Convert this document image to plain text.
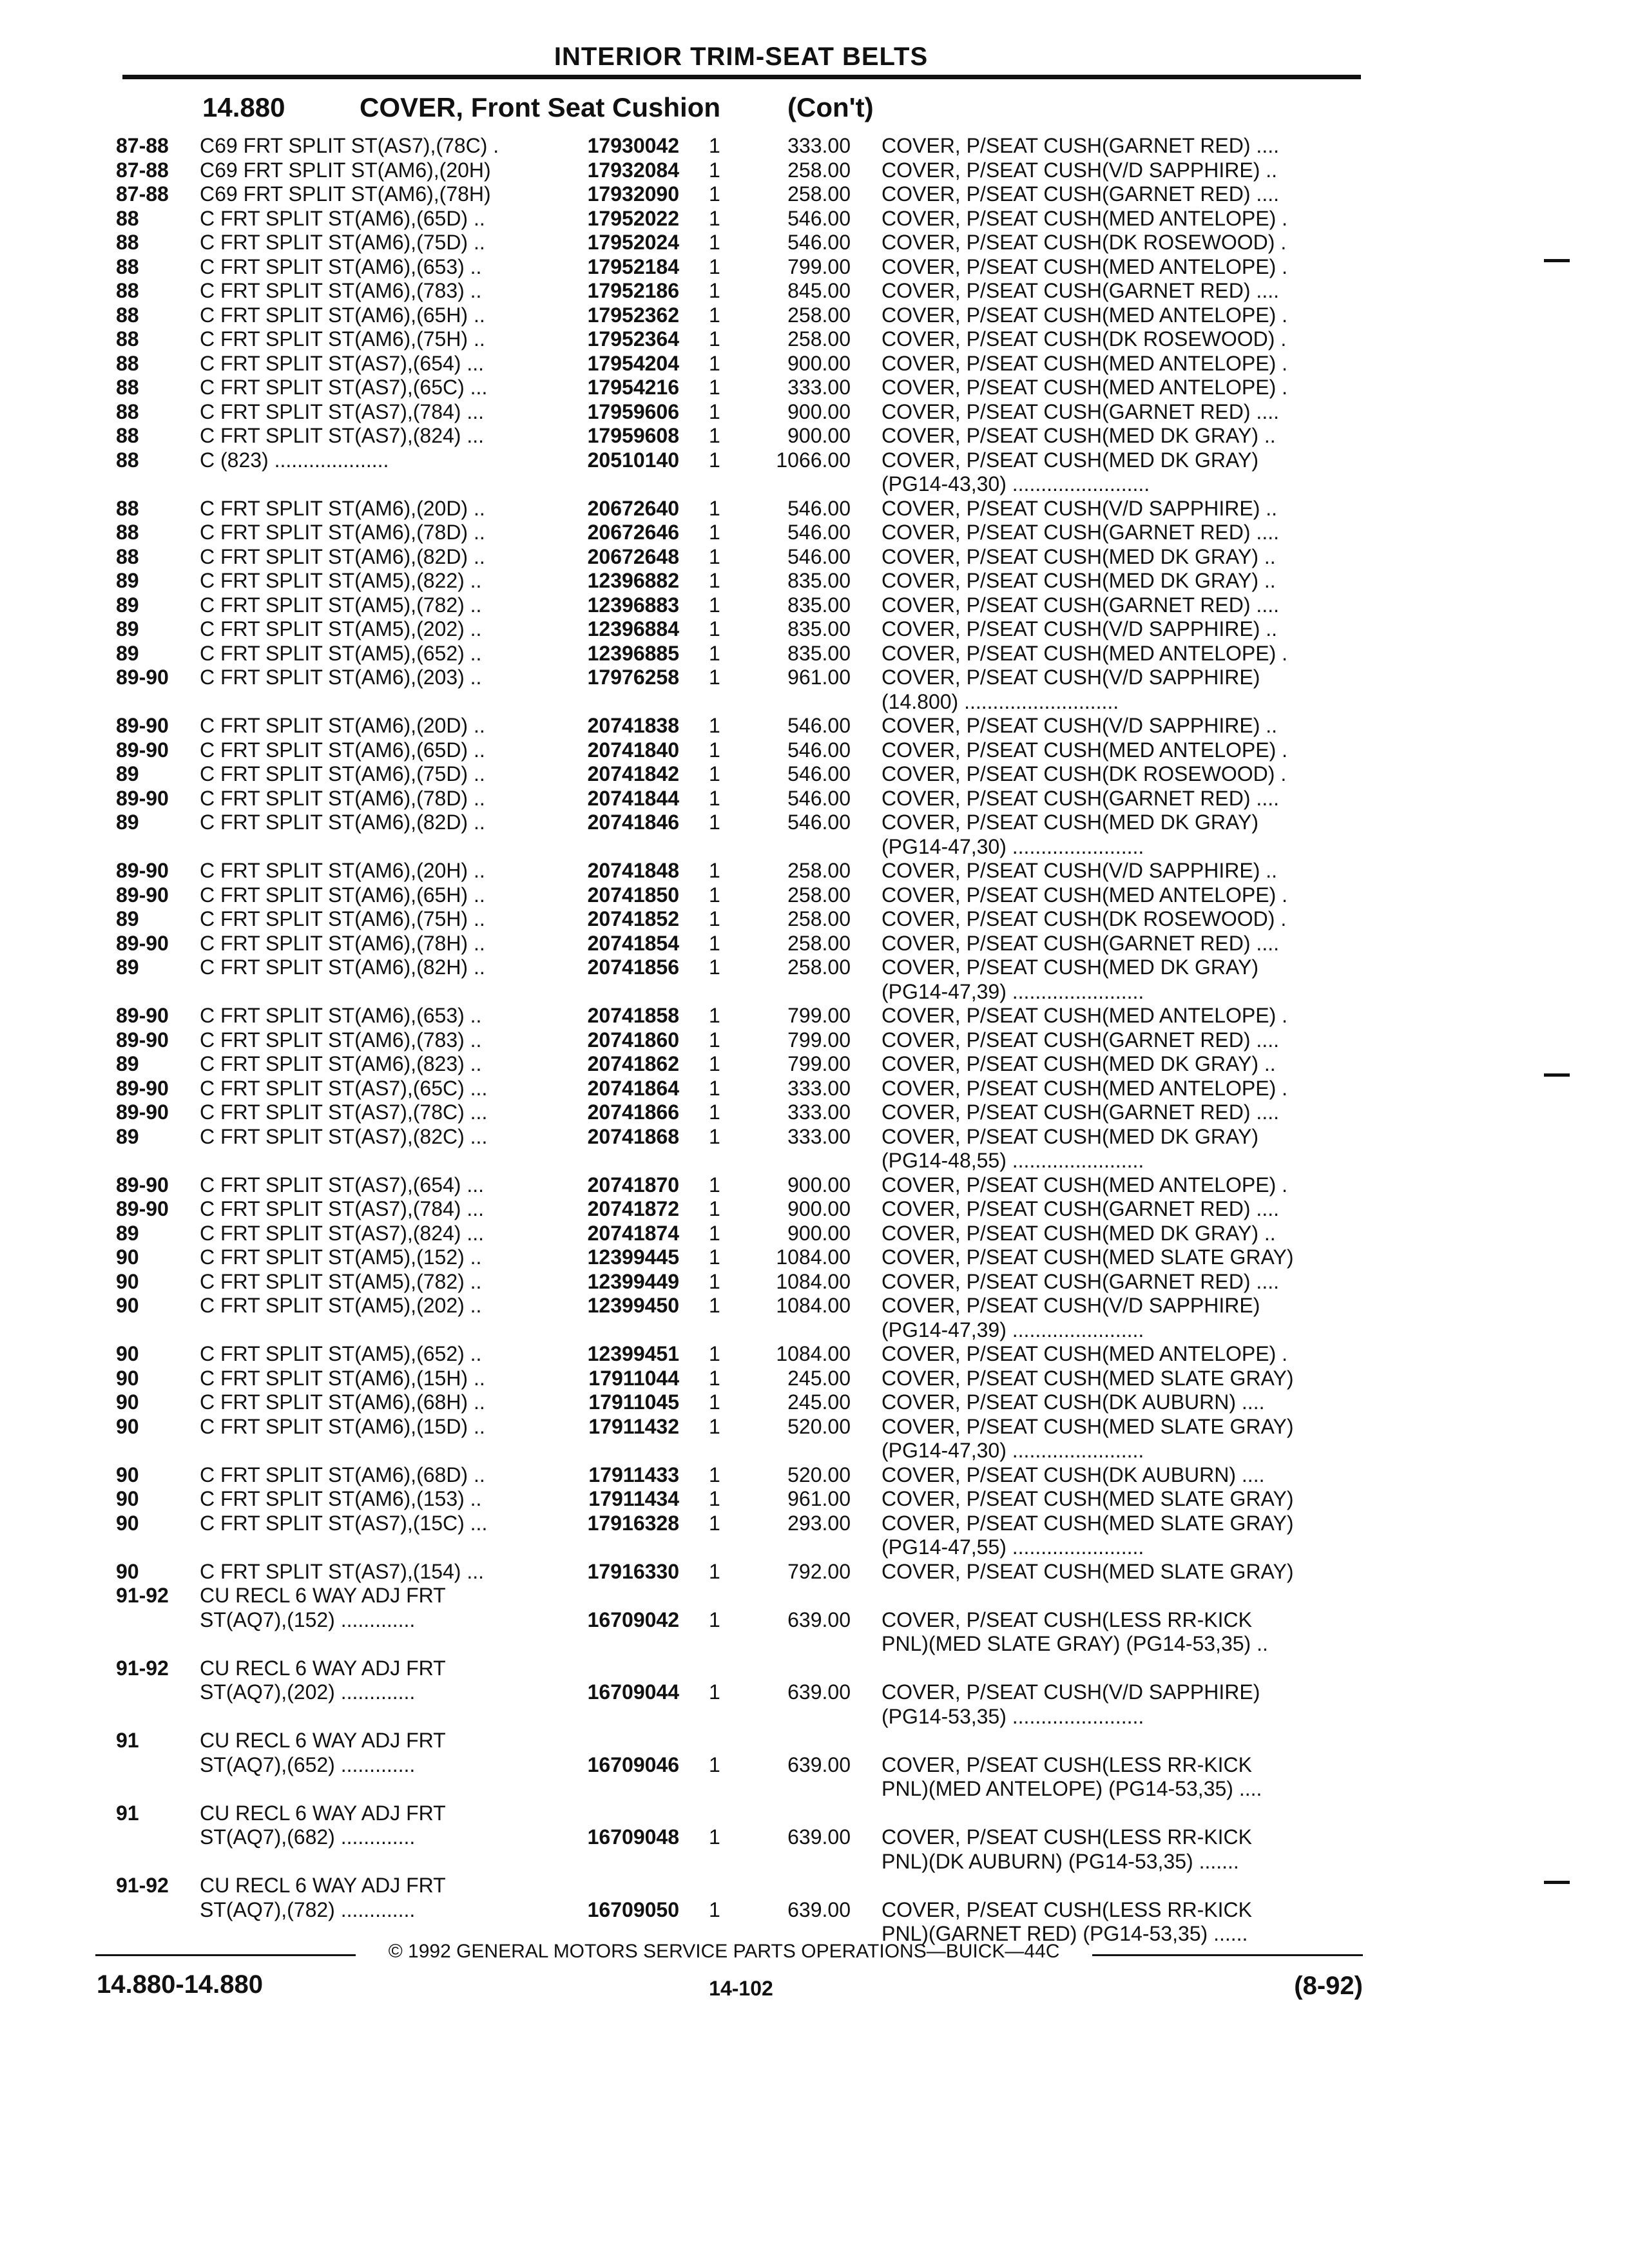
INTERIOR TRIM-SEAT BELTS
14.880	COVER, Front Seat Cushion (Con't)
87-88 C69 FRT SPLIT ST(AS7),(78C) .	17930042 1	333.00 COVER, P/SEAT CUSH(GARNET RED) ....
87-88 C69 FRT SPLIT ST(AM6),(20H)	17932084 1	258.00 COVER, P/SEAT CUSH(V/D SAPPHIRE) ..
87-88 C69 FRT SPLIT ST(AM6),(78H)	17932090 1	258.00 COVER, P/SEAT CUSH(GARNET RED) ....
88	C FRT SPLIT ST(AM6),(65D) ..	17952022 1	546.00 COVER, P/SEAT CUSH(MED ANTELOPE) .
88	C FRT SPLIT ST(AM6),(75D) ..	17952024 1	546.00 COVER, P/SEAT CUSH(DK ROSEWOOD) .
88	C FRT SPLIT ST(AM6),(653) ..	17952184 1	799.00 COVER, P/SEAT CUSH(MED ANTELOPE) .
88	C FRT SPLIT ST(AM6),(783) ..	17952186 1	845.00 COVER, P/SEAT CUSH(GARNET RED) ....
88	C FRT SPLIT ST(AM6),(65H) ..	17952362 1	258.00 COVER, P/SEAT CUSH(MED ANTELOPE) .
88	C FRT SPLIT ST(AM6),(75H) ..	17952364 1	258.00 COVER, P/SEAT CUSH(DK ROSEWOOD) .
88	C FRT SPLIT ST(AS7),(654) ...	17954204 1	900.00 COVER, P/SEAT CUSH(MED ANTELOPE) .
88	C FRT SPLIT ST(AS7),(65C) ...	17954216 1	333.00 COVER, P/SEAT CUSH(MED ANTELOPE) .
88	C FRT SPLIT ST(AS7),(784) ...	17959606 1	900.00 COVER, P/SEAT CUSH(GARNET RED) ....
88	C FRT SPLIT ST(AS7),(824) ...	17959608 1	900.00 COVER, P/SEAT CUSH(MED DK GRAY) ..
88	C (823) ....................	20510140 1	1066.00 COVER, P/SEAT CUSH(MED DK GRAY)
(PG14-43,30) ........................
88	C FRT SPLIT ST(AM6),(20D) ..	20672640 1	546.00 COVER, P/SEAT CUSH(V/D SAPPHIRE) ..
88	C FRT SPLIT ST(AM6),(78D) ..	20672646 1	546.00 COVER, P/SEAT CUSH(GARNET RED) ....
88	C FRT SPLIT ST(AM6),(82D) ..	20672648 1	546.00 COVER, P/SEAT CUSH(MED DK GRAY) ..
89	C FRT SPLIT ST(AM5),(822) ..	12396882 1	835.00 COVER, P/SEAT CUSH(MED DK GRAY) ..
89	C FRT SPLIT ST(AM5),(782) ..	12396883 1	835.00 COVER, P/SEAT CUSH(GARNET RED) ....
89	C FRT SPLIT ST(AM5),(202) ..	12396884 1	835.00 COVER, P/SEAT CUSH(V/D SAPPHIRE) ..
89	C FRT SPLIT ST(AM5),(652) ..	12396885 1	835.00 COVER, P/SEAT CUSH(MED ANTELOPE) .
89-90 C FRT SPLIT ST(AM6),(203) ..	17976258 1	961.00 COVER, P/SEAT CUSH(V/D SAPPHIRE)
(14.800) ...........................
89-90 C FRT SPLIT ST(AM6),(20D) ..	20741838 1	546.00 COVER, P/SEAT CUSH(V/D SAPPHIRE) ..
89-90 C FRT SPLIT ST(AM6),(65D) ..	20741840 1	546.00 COVER, P/SEAT CUSH(MED ANTELOPE) .
89	C FRT SPLIT ST(AM6),(75D) ..	20741842 1	546.00 COVER, P/SEAT CUSH(DK ROSEWOOD) .
89-90 C FRT SPLIT ST(AM6),(78D) ..	20741844 1	546.00 COVER, P/SEAT CUSH(GARNET RED) ....
89	C FRT SPLIT ST(AM6),(82D) ..	20741846 1	546.00 COVER, P/SEAT CUSH(MED DK GRAY)
(PG14-47,30) .......................
89-90 C FRT SPLIT ST(AM6),(20H) ..	20741848 1	258.00 COVER, P/SEAT CUSH(V/D SAPPHIRE) ..
89-90 C FRT SPLIT ST(AM6),(65H) ..	20741850 1	258.00 COVER, P/SEAT CUSH(MED ANTELOPE) .
89	C FRT SPLIT ST(AM6),(75H) ..	20741852 1	258.00 COVER, P/SEAT CUSH(DK ROSEWOOD) .
89-90 C FRT SPLIT ST(AM6),(78H) ..	20741854 1	258.00 COVER, P/SEAT CUSH(GARNET RED) ....
89	C FRT SPLIT ST(AM6),(82H) ..	20741856 1	258.00 COVER, P/SEAT CUSH(MED DK GRAY)
(PG14-47,39) .......................
89-90 C FRT SPLIT ST(AM6),(653) ..	20741858 1	799.00 COVER, P/SEAT CUSH(MED ANTELOPE) .
89-90 C FRT SPLIT ST(AM6),(783) ..	20741860 1	799.00 COVER, P/SEAT CUSH(GARNET RED) ....
89	C FRT SPLIT ST(AM6),(823) ..	20741862 1	799.00 COVER, P/SEAT CUSH(MED DK GRAY) ..
89-90 C FRT SPLIT ST(AS7),(65C) ...	20741864 1	333.00 COVER, P/SEAT CUSH(MED ANTELOPE) .
89-90 C FRT SPLIT ST(AS7),(78C) ...	20741866 1	333.00 COVER, P/SEAT CUSH(GARNET RED) ....
89	C FRT SPLIT ST(AS7),(82C) ...	20741868 1	333.00 COVER, P/SEAT CUSH(MED DK GRAY)
(PG14-48,55) .......................
89-90 C FRT SPLIT ST(AS7),(654) ...	20741870 1	900.00 COVER, P/SEAT CUSH(MED ANTELOPE) .
89-90 C FRT SPLIT ST(AS7),(784) ...	20741872 1	900.00 COVER, P/SEAT CUSH(GARNET RED) ....
89	C FRT SPLIT ST(AS7),(824) ...	20741874 1	900.00 COVER, P/SEAT CUSH(MED DK GRAY) ..
90	C FRT SPLIT ST(AM5),(152) ..	12399445 1	1084.00 COVER, P/SEAT CUSH(MED SLATE GRAY)
90	C FRT SPLIT ST(AM5),(782) ..	12399449 1	1084.00 COVER, P/SEAT CUSH(GARNET RED) ....
90	C FRT SPLIT ST(AM5),(202) ..	12399450 1	1084.00 COVER, P/SEAT CUSH(V/D SAPPHIRE)
(PG14-47,39) .......................
90	C FRT SPLIT ST(AM5),(652) ..	12399451 1	1084.00 COVER, P/SEAT CUSH(MED ANTELOPE) .
90	C FRT SPLIT ST(AM6),(15H) ..	17911044 1	245.00 COVER, P/SEAT CUSH(MED SLATE GRAY)
90	C FRT SPLIT ST(AM6),(68H) ..	17911045 1	245.00 COVER, P/SEAT CUSH(DK AUBURN) ....
90	C FRT SPLIT ST(AM6),(15D) ..	17911432 1	520.00 COVER, P/SEAT CUSH(MED SLATE GRAY)
(PG14-47,30) .......................
90	C FRT SPLIT ST(AM6),(68D) ..	17911433 1	520.00 COVER, P/SEAT CUSH(DK AUBURN) ....
90	C FRT SPLIT ST(AM6),(153) ..	17911434 1	961.00 COVER, P/SEAT CUSH(MED SLATE GRAY)
90	C FRT SPLIT ST(AS7),(15C) ...	17916328 1	293.00 COVER, P/SEAT CUSH(MED SLATE GRAY)
(PG14-47,55) .......................
90	C FRT SPLIT ST(AS7),(154) ...	17916330 1	792.00 COVER, P/SEAT CUSH(MED SLATE GRAY)
91-92 CU RECL 6 WAY ADJ FRT
ST(AQ7),(152) .............	16709042 1	639.00 COVER, P/SEAT CUSH(LESS RR-KICK
PNL)(MED SLATE GRAY) (PG14-53,35) ..
91-92 CU RECL 6 WAY ADJ FRT
ST(AQ7),(202) .............	16709044 1	639.00 COVER, P/SEAT CUSH(V/D SAPPHIRE)
(PG14-53,35) .......................
91	CU RECL 6 WAY ADJ FRT
ST(AQ7),(652) .............	16709046 1	639.00 COVER, P/SEAT CUSH(LESS RR-KICK
PNL)(MED ANTELOPE) (PG14-53,35) ....
91	CU RECL 6 WAY ADJ FRT
ST(AQ7),(682) .............	16709048 1	639.00 COVER, P/SEAT CUSH(LESS RR-KICK
PNL)(DK AUBURN) (PG14-53,35) .......
91-92 CU RECL 6 WAY ADJ FRT
ST(AQ7),(782) .............	16709050 1	639.00 COVER, P/SEAT CUSH(LESS RR-KICK
PNL)(GARNET RED) (PG14-53,35) ......
© 1992 GENERAL MOTORS SERVICE PARTS OPERATIONS—BUICK—44C
14.880-14.880	14-102	(8-92)
